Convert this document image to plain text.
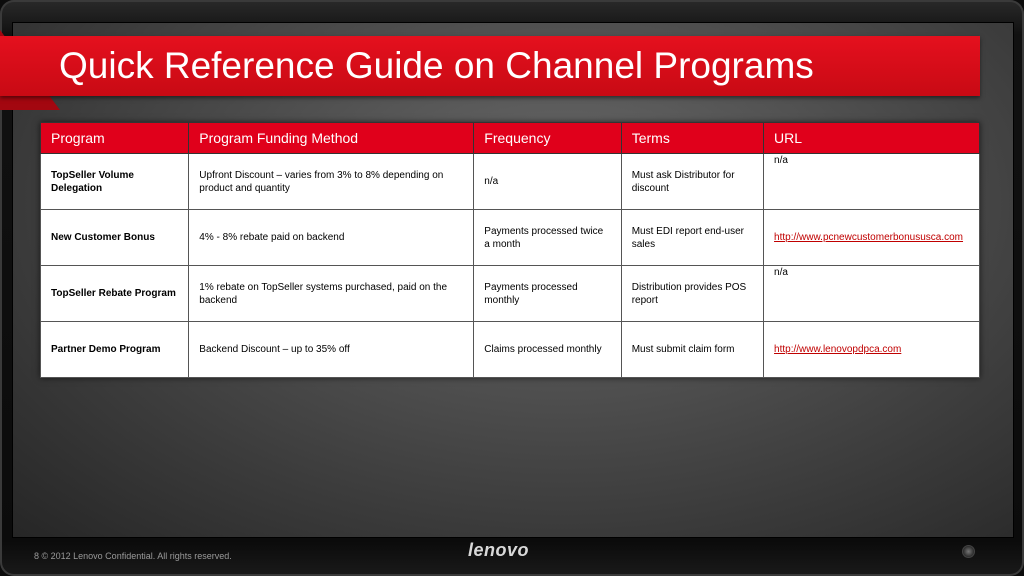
Quick Reference Guide on Channel Programs
Program	Program Funding Method	Frequency	Terms	URL
TopSeller Volume Delegation	Upfront Discount – varies from 3% to 8% depending on product and quantity	n/a	Must ask Distributor for discount	n/a
New Customer Bonus	4% - 8% rebate paid on backend	Payments processed twice a month	Must EDI report end-user sales	http://www.pcnewcustomerbonususca.com
TopSeller Rebate Program	1% rebate on TopSeller systems purchased, paid on the backend	Payments processed monthly	Distribution provides POS report	n/a
Partner Demo Program	Backend Discount – up to 35% off	Claims processed monthly	Must submit claim form	http://www.lenovopdpca.com
8 © 2012 Lenovo Confidential. All rights reserved.	lenovo
